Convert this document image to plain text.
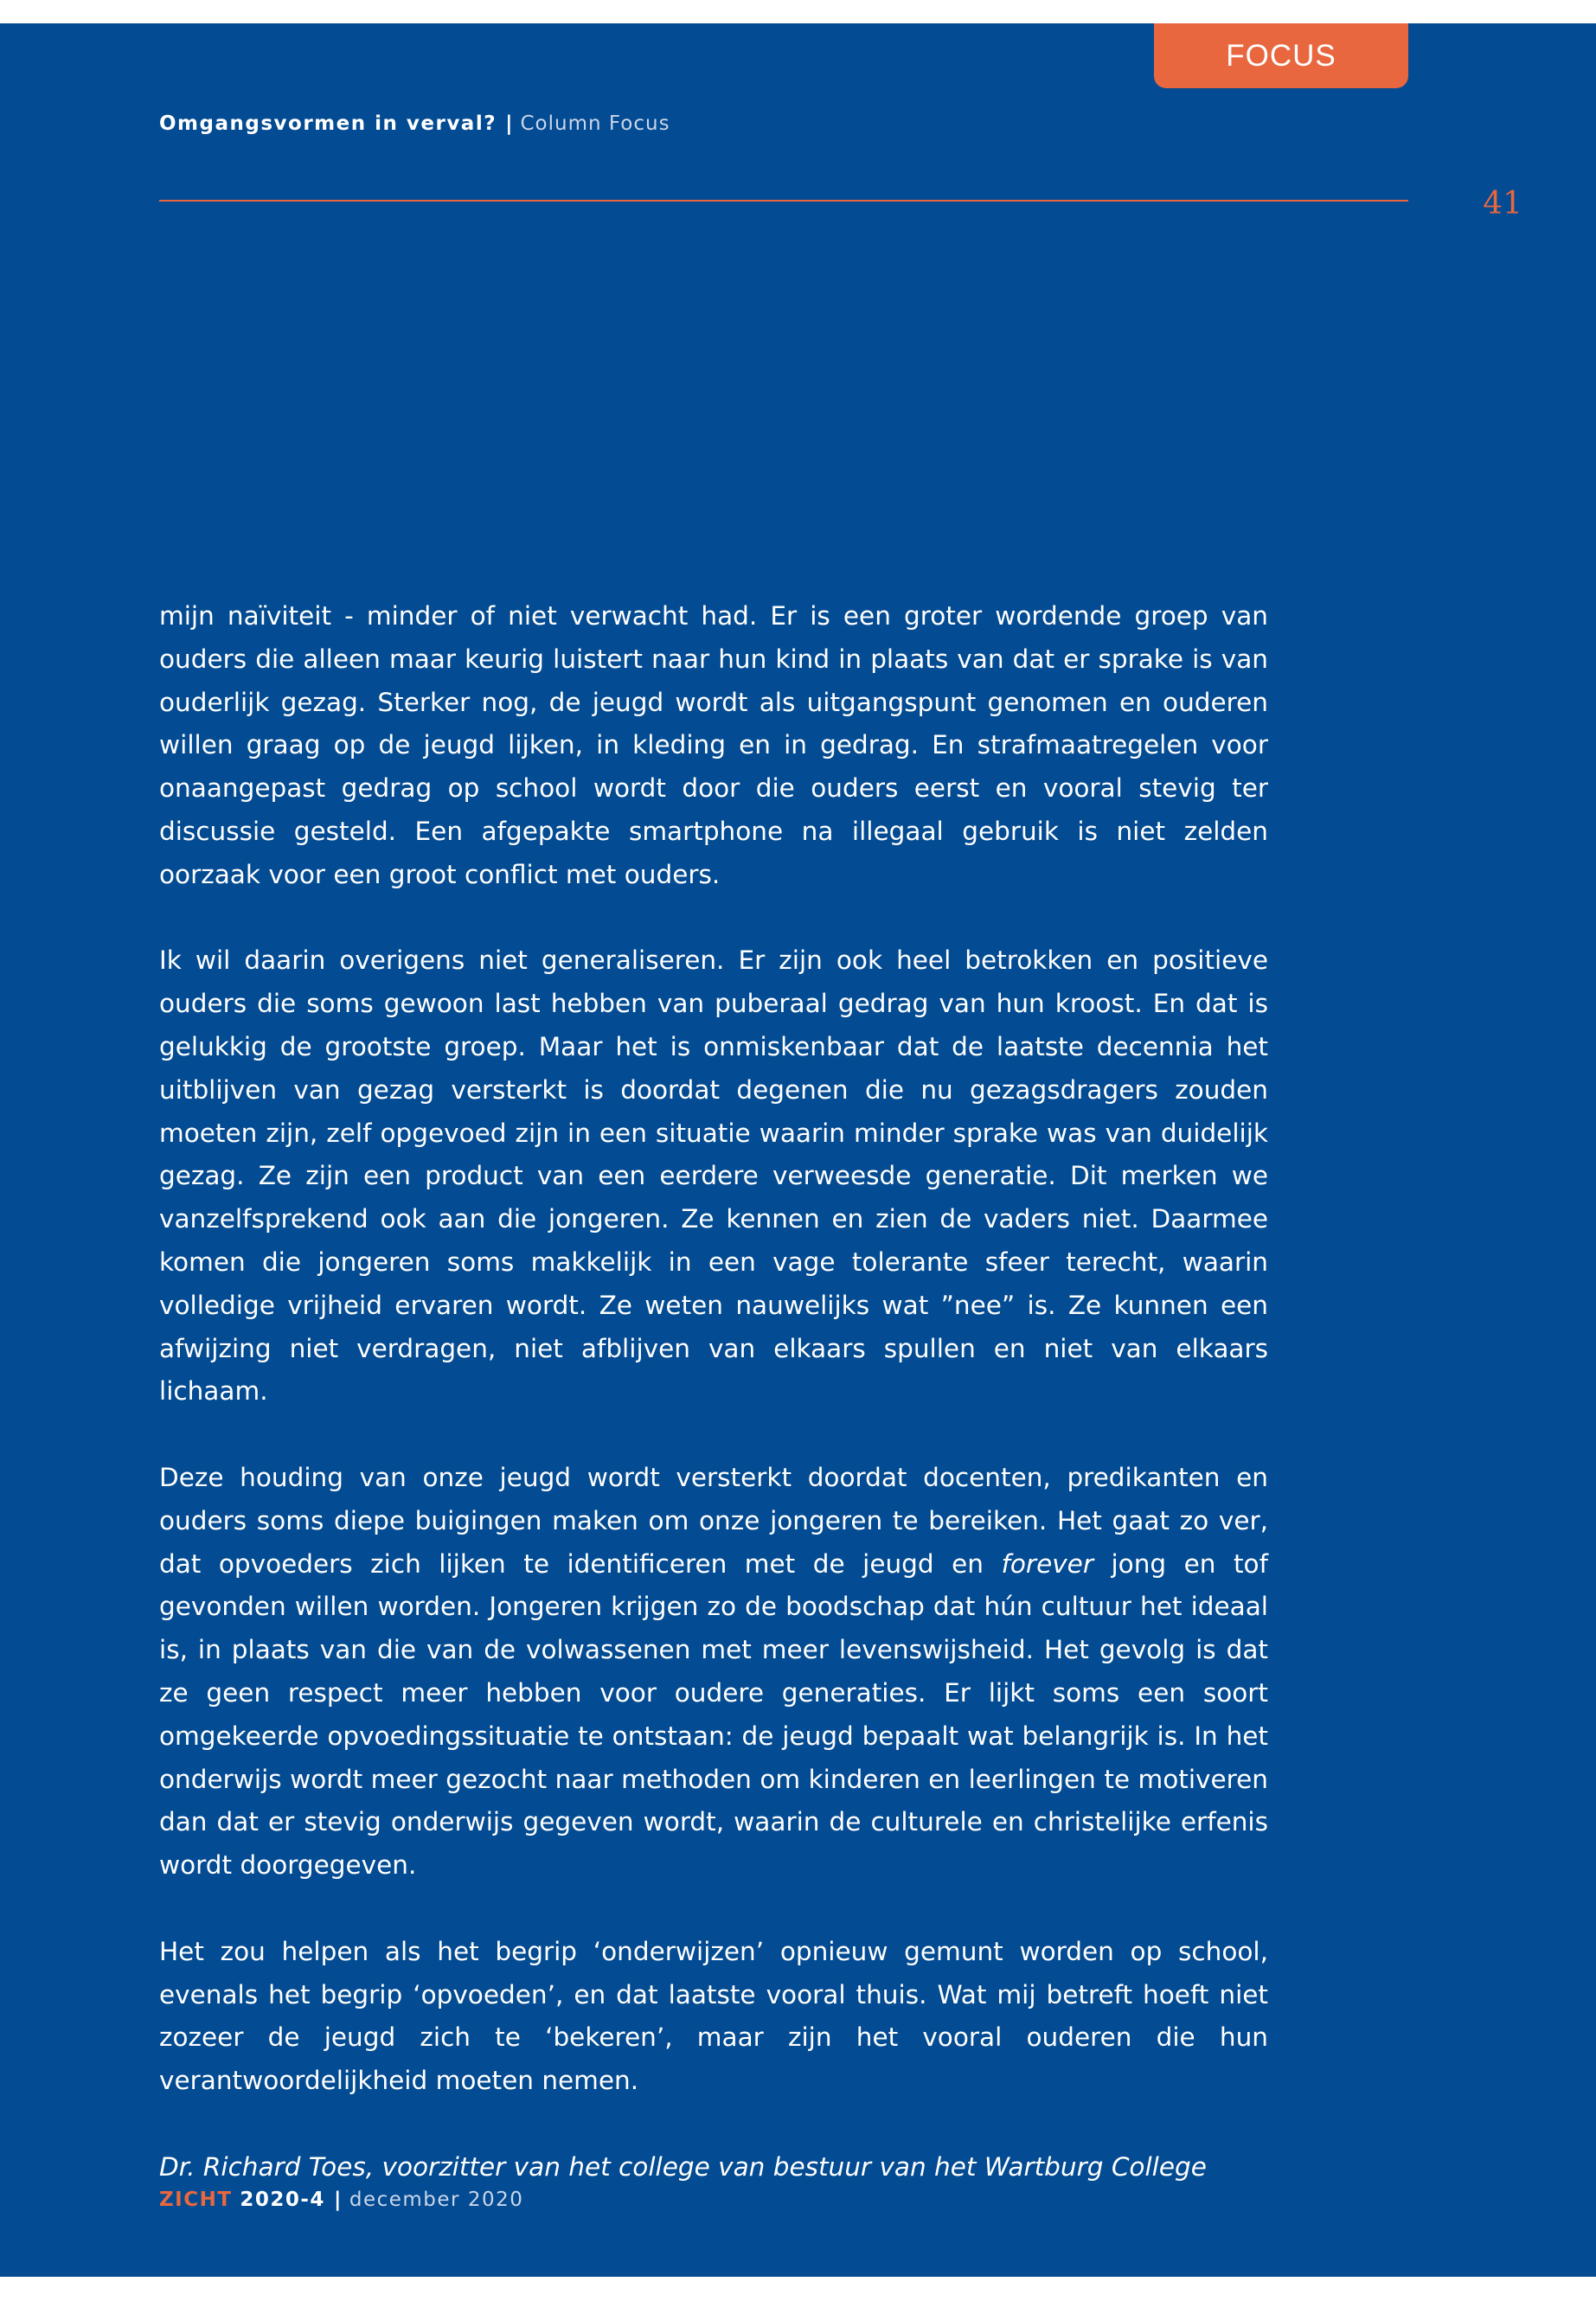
FOCUS
Omgangsvormen in verval? | Column Focus
41

mijn naïviteit - minder of niet verwacht had. Er is een groter wordende groep van ouders die alleen maar keurig luistert naar hun kind in plaats van dat er sprake is van ouderlijk gezag. Sterker nog, de jeugd wordt als uitgangspunt genomen en ouderen willen graag op de jeugd lijken, in kleding en in gedrag. En strafmaatregelen voor onaangepast gedrag op school wordt door die ouders eerst en vooral stevig ter discussie gesteld. Een afgepakte smartphone na illegaal gebruik is niet zelden oorzaak voor een groot conflict met ouders.

Ik wil daarin overigens niet generaliseren. Er zijn ook heel betrokken en positieve ouders die soms gewoon last hebben van puberaal gedrag van hun kroost. En dat is gelukkig de grootste groep. Maar het is onmiskenbaar dat de laatste decennia het uitblijven van gezag versterkt is doordat degenen die nu gezagsdragers zouden moeten zijn, zelf opgevoed zijn in een situatie waarin minder sprake was van duidelijk gezag. Ze zijn een product van een eerdere verweesde generatie. Dit merken we vanzelfsprekend ook aan die jongeren. Ze kennen en zien de vaders niet. Daarmee komen die jongeren soms makkelijk in een vage tolerante sfeer terecht, waarin volledige vrijheid ervaren wordt. Ze weten nauwelijks wat ”nee” is. Ze kunnen een afwijzing niet verdragen, niet afblijven van elkaars spullen en niet van elkaars lichaam.

Deze houding van onze jeugd wordt versterkt doordat docenten, predikanten en ouders soms diepe buigingen maken om onze jongeren te bereiken. Het gaat zo ver, dat opvoeders zich lijken te identificeren met de jeugd en forever jong en tof gevonden willen worden. Jongeren krijgen zo de boodschap dat hún cultuur het ideaal is, in plaats van die van de volwassenen met meer levenswijsheid. Het gevolg is dat ze geen respect meer hebben voor oudere generaties. Er lijkt soms een soort omgekeerde opvoedingssituatie te ontstaan: de jeugd bepaalt wat belangrijk is. In het onderwijs wordt meer gezocht naar methoden om kinderen en leerlingen te motiveren dan dat er stevig onderwijs gegeven wordt, waarin de culturele en christelijke erfenis wordt doorgegeven.

Het zou helpen als het begrip ‘onderwijzen’ opnieuw gemunt worden op school, evenals het begrip ‘opvoeden’, en dat laatste vooral thuis. Wat mij betreft hoeft niet zozeer de jeugd zich te ‘bekeren’, maar zijn het vooral ouderen die hun verantwoordelijkheid moeten nemen.

Dr. Richard Toes, voorzitter van het college van bestuur van het Wartburg College

ZICHT 2020-4 | december 2020
